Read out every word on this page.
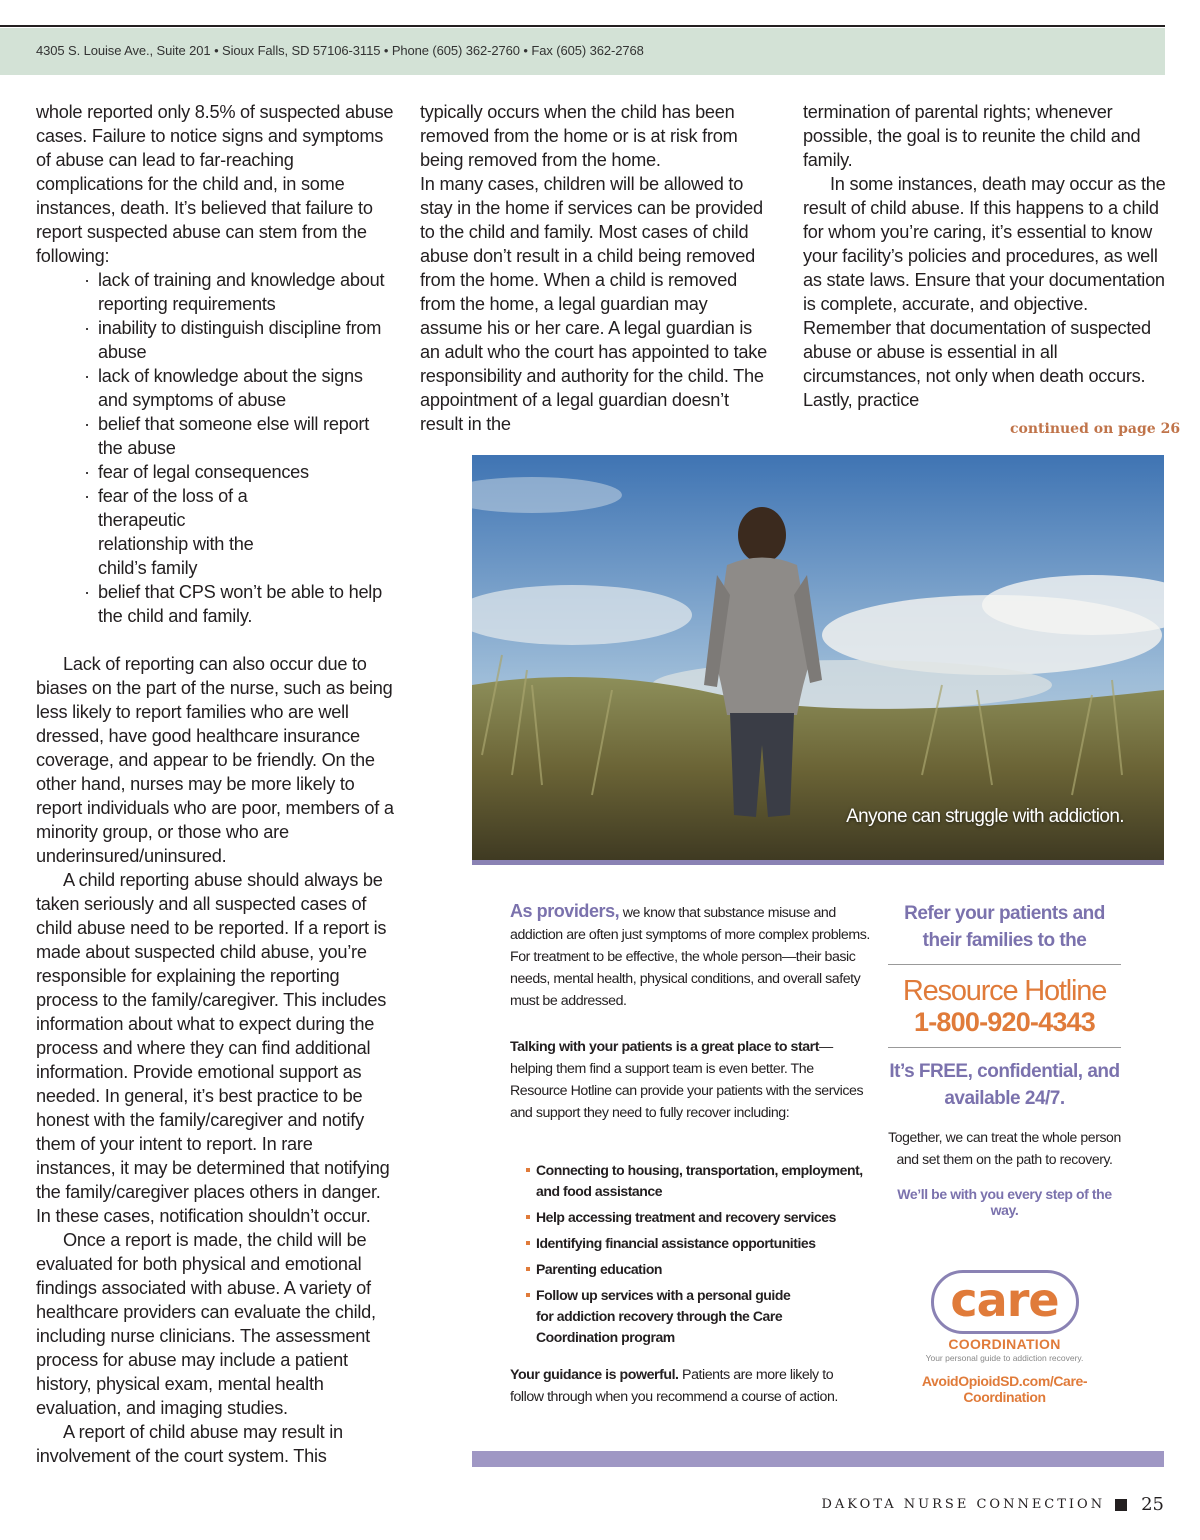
4305 S. Louise Ave., Suite 201 • Sioux Falls, SD 57106-3115 • Phone (605) 362-2760 • Fax (605) 362-2768

whole reported only 8.5% of suspected abuse cases. Failure to notice signs and symptoms of abuse can lead to far-reaching complications for the child and, in some instances, death. It’s believed that failure to report suspected abuse can stem from the following:

· lack of training and knowledge about reporting requirements
· inability to distinguish discipline from abuse
· lack of knowledge about the signs and symptoms of abuse
· belief that someone else will report the abuse
· fear of legal consequences
· fear of the loss of a therapeutic relationship with the child’s family
· belief that CPS won’t be able to help the child and family.

Lack of reporting can also occur due to biases on the part of the nurse, such as being less likely to report families who are well dressed, have good healthcare insurance coverage, and appear to be friendly. On the other hand, nurses may be more likely to report individuals who are poor, members of a minority group, or those who are underinsured/uninsured.

A child reporting abuse should always be taken seriously and all suspected cases of child abuse need to be reported. If a report is made about suspected child abuse, you’re responsible for explaining the reporting process to the family/caregiver. This includes information about what to expect during the process and where they can find additional information. Provide emotional support as needed. In general, it’s best practice to be honest with the family/caregiver and notify them of your intent to report. In rare instances, it may be determined that notifying the family/caregiver places others in danger. In these cases, notification shouldn’t occur.

Once a report is made, the child will be evaluated for both physical and emotional findings associated with abuse. A variety of healthcare providers can evaluate the child, including nurse clinicians. The assessment process for abuse may include a patient history, physical exam, mental health evaluation, and imaging studies.

A report of child abuse may result in involvement of the court system. This

typically occurs when the child has been removed from the home or is at risk from being removed from the home.

In many cases, children will be allowed to stay in the home if services can be provided to the child and family. Most cases of child abuse don’t result in a child being removed from the home. When a child is removed from the home, a legal guardian may assume his or her care. A legal guardian is an adult who the court has appointed to take responsibility and authority for the child. The appointment of a legal guardian doesn’t result in the

termination of parental rights; whenever possible, the goal is to reunite the child and family.

In some instances, death may occur as the result of child abuse. If this happens to a child for whom you’re caring, it’s essential to know your facility’s policies and procedures, as well as state laws. Ensure that your documentation is complete, accurate, and objective. Remember that documentation of suspected abuse or abuse is essential in all circumstances, not only when death occurs. Lastly, practice

continued on page 26
Anyone can struggle with addiction.

As providers, we know that substance misuse and addiction are often just symptoms of more complex problems. For treatment to be effective, the whole person—their basic needs, mental health, physical conditions, and overall safety must be addressed.

Talking with your patients is a great place to start—helping them find a support team is even better. The Resource Hotline can provide your patients with the services and support they need to fully recover including:

Connecting to housing, transportation, employment, and food assistance
Help accessing treatment and recovery services
Identifying financial assistance opportunities
Parenting education
Follow up services with a personal guide for addiction recovery through the Care Coordination program

Your guidance is powerful. Patients are more likely to follow through when you recommend a course of action.

Refer your patients and their families to the
Resource Hotline
1-800-920-4343
It’s FREE, confidential, and available 24/7.
Together, we can treat the whole person and set them on the path to recovery.
We’ll be with you every step of the way.
care
COORDINATION
Your personal guide to addiction recovery.
AvoidOpioidSD.com/Care-Coordination
DAKOTA NURSE CONNECTION 25
